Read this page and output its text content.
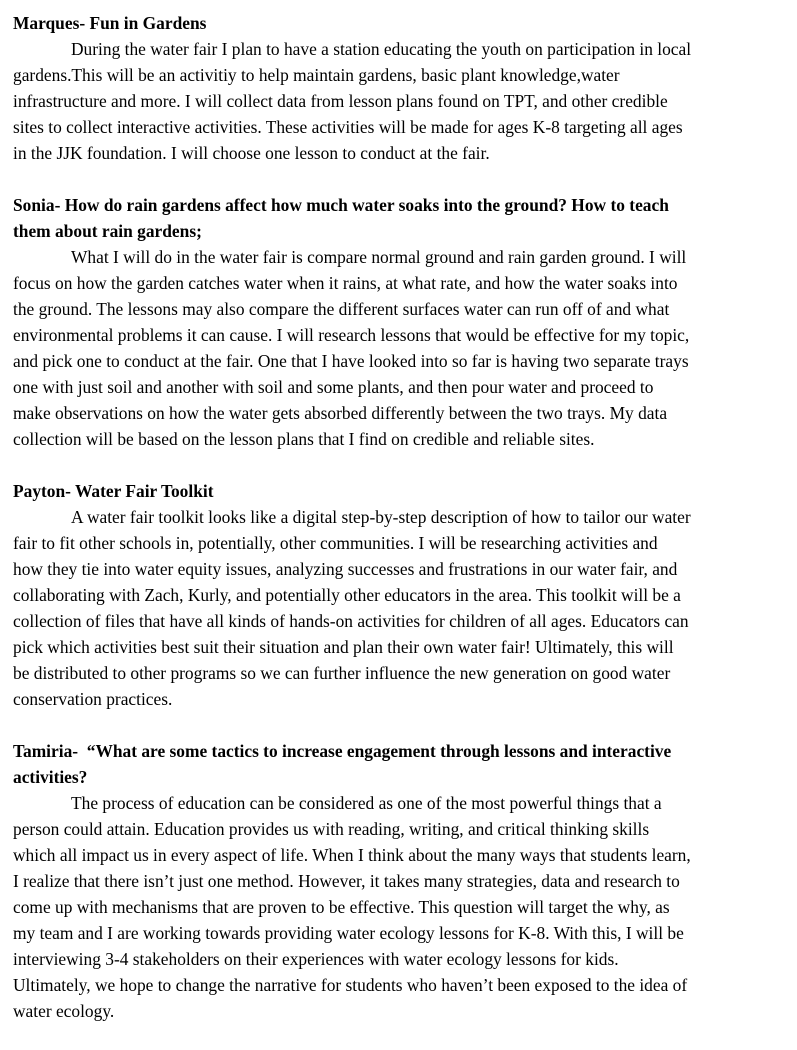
Marques- Fun in Gardens
During the water fair I plan to have a station educating the youth on participation in local
gardens.This will be an activitiy to help maintain gardens, basic plant knowledge,water
infrastructure and more. I will collect data from lesson plans found on TPT, and other credible
sites to collect interactive activities. These activities will be made for ages K-8 targeting all ages
in the JJK foundation. I will choose one lesson to conduct at the fair.
Sonia- How do rain gardens affect how much water soaks into the ground? How to teach
them about rain gardens;
What I will do in the water fair is compare normal ground and rain garden ground. I will
focus on how the garden catches water when it rains, at what rate, and how the water soaks into
the ground. The lessons may also compare the different surfaces water can run off of and what
environmental problems it can cause. I will research lessons that would be effective for my topic,
and pick one to conduct at the fair. One that I have looked into so far is having two separate trays
one with just soil and another with soil and some plants, and then pour water and proceed to
make observations on how the water gets absorbed differently between the two trays. My data
collection will be based on the lesson plans that I find on credible and reliable sites.
Payton- Water Fair Toolkit
A water fair toolkit looks like a digital step-by-step description of how to tailor our water
fair to fit other schools in, potentially, other communities. I will be researching activities and
how they tie into water equity issues, analyzing successes and frustrations in our water fair, and
collaborating with Zach, Kurly, and potentially other educators in the area. This toolkit will be a
collection of files that have all kinds of hands-on activities for children of all ages. Educators can
pick which activities best suit their situation and plan their own water fair! Ultimately, this will
be distributed to other programs so we can further influence the new generation on good water
conservation practices.
Tamiria-  “What are some tactics to increase engagement through lessons and interactive
activities?
The process of education can be considered as one of the most powerful things that a
person could attain. Education provides us with reading, writing, and critical thinking skills
which all impact us in every aspect of life. When I think about the many ways that students learn,
I realize that there isn’t just one method. However, it takes many strategies, data and research to
come up with mechanisms that are proven to be effective. This question will target the why, as
my team and I are working towards providing water ecology lessons for K-8. With this, I will be
interviewing 3-4 stakeholders on their experiences with water ecology lessons for kids.
Ultimately, we hope to change the narrative for students who haven’t been exposed to the idea of
water ecology.
